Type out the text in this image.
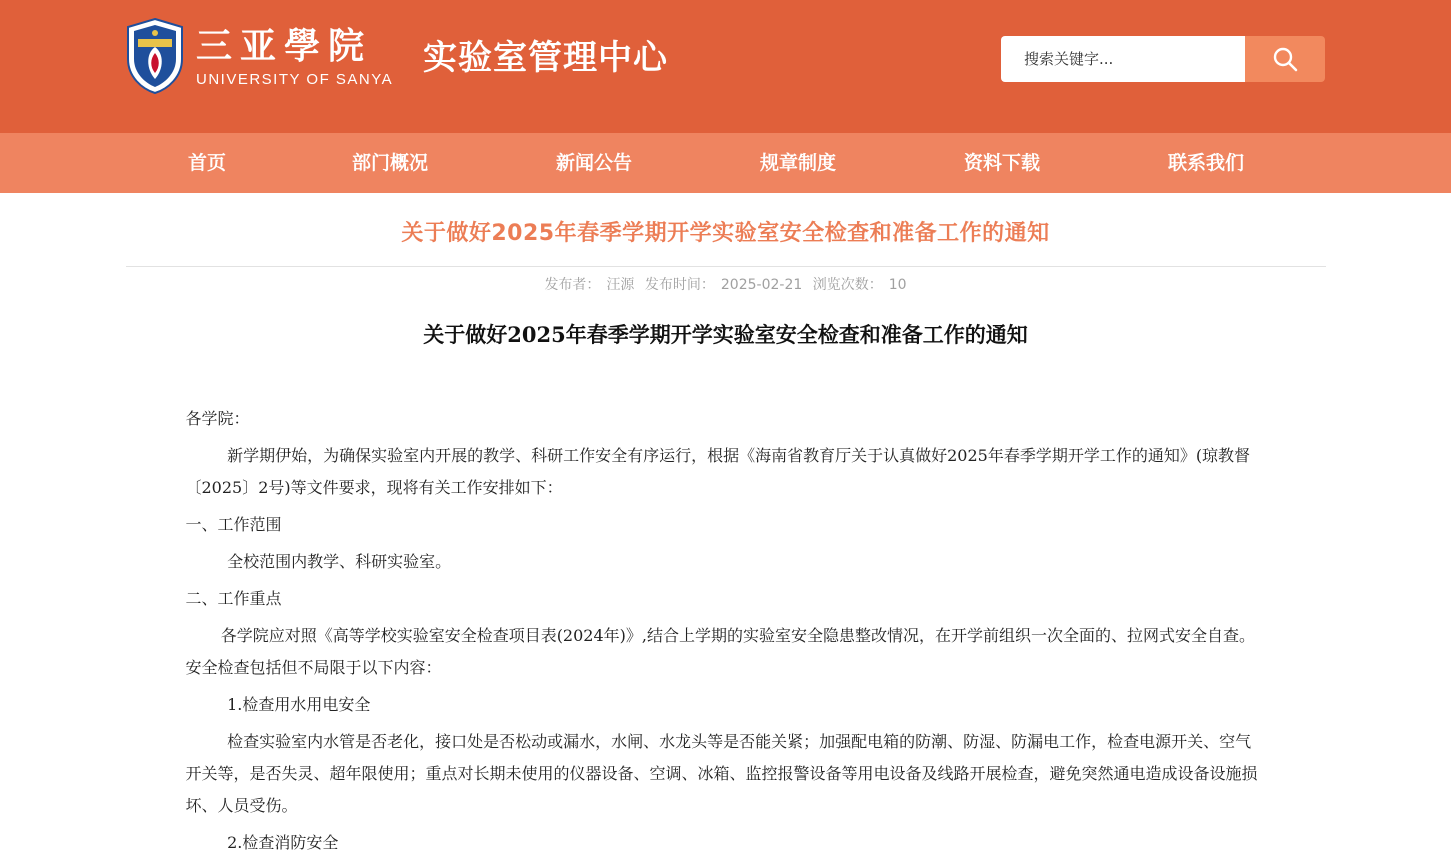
三亚學院
UNIVERSITY OF SANYA
实验室管理中心
搜索关键字...
首页	部门概况	新闻公告	规章制度	资料下载	联系我们
关于做好2025年春季学期开学实验室安全检查和准备工作的通知
发布者： 汪源 发布时间： 2025-02-21 浏览次数： 10
关于做好2025年春季学期开学实验室安全检查和准备工作的通知

各学院：

新学期伊始，为确保实验室内开展的教学、科研工作安全有序运行，根据《海南省教育厅关于认真做好2025年春季学期开学工作的通知》(琼教督〔2025〕2号)等文件要求，现将有关工作安排如下：

一、工作范围

全校范围内教学、科研实验室。

二、工作重点

各学院应对照《高等学校实验室安全检查项目表(2024年)》,结合上学期的实验室安全隐患整改情况，在开学前组织一次全面的、拉网式安全自查。安全检查包括但不局限于以下内容：

1.检查用水用电安全

检查实验室内水管是否老化，接口处是否松动或漏水，水闸、水龙头等是否能关紧；加强配电箱的防潮、防湿、防漏电工作，检查电源开关、空气开关等，是否失灵、超年限使用；重点对长期未使用的仪器设备、空调、冰箱、监控报警设备等用电设备及线路开展检查，避免突然通电造成设备设施损坏、人员受伤。

2.检查消防安全
